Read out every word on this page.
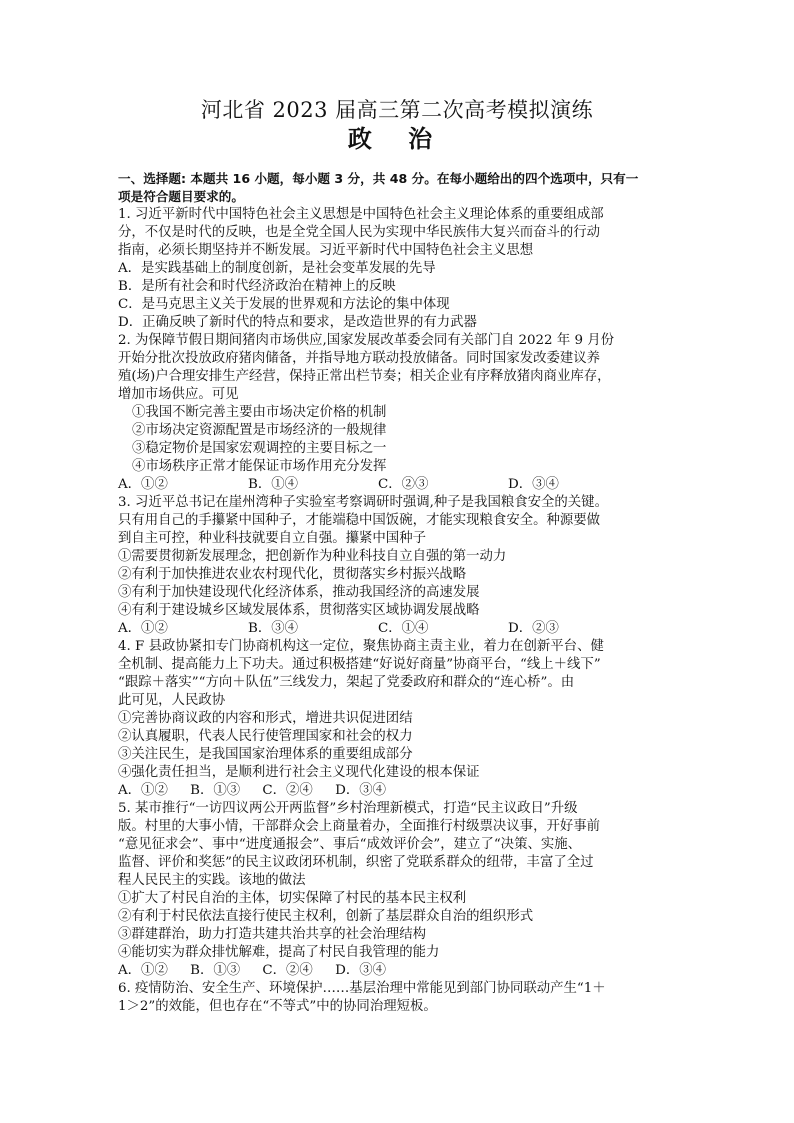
河北省 2023 届高三第二次高考模拟演练
政 治
一、选择题: 本题共 16 小题，每小题 3 分，共 48 分。在每小题给出的四个选项中，只有一
项是符合题目要求的。
1. 习近平新时代中国特色社会主义思想是中国特色社会主义理论体系的重要组成部
分，不仅是时代的反映，也是全党全国人民为实现中华民族伟大复兴而奋斗的行动
指南，必须长期坚持并不断发展。习近平新时代中国特色社会主义思想
A．是实践基础上的制度创新，是社会变革发展的先导
B．是所有社会和时代经济政治在精神上的反映
C．是马克思主义关于发展的世界观和方法论的集中体现
D．正确反映了新时代的特点和要求，是改造世界的有力武器
2. 为保障节假日期间猪肉市场供应,国家发展改革委会同有关部门自 2022 年 9 月份
开始分批次投放政府猪肉储备，并指导地方联动投放储备。同时国家发改委建议养
殖(场)户合理安排生产经营，保持正常出栏节奏；相关企业有序释放猪肉商业库存，
增加市场供应。可见
①我国不断完善主要由市场决定价格的机制
②市场决定资源配置是市场经济的一般规律
③稳定物价是国家宏观调控的主要目标之一
④市场秩序正常才能保证市场作用充分发挥
A．①②	B．①④	C．②③	D．③④
3. 习近平总书记在崖州湾种子实验室考察调研时强调,种子是我国粮食安全的关键。
只有用自己的手攥紧中国种子，才能端稳中国饭碗，才能实现粮食安全。种源要做
到自主可控，种业科技就要自立自强。攥紧中国种子
①需要贯彻新发展理念，把创新作为种业科技自立自强的第一动力
②有利于加快推进农业农村现代化，贯彻落实乡村振兴战略
③有利于加快建设现代化经济体系，推动我国经济的高速发展
④有利于建设城乡区域发展体系，贯彻落实区域协调发展战略
A．①②	B．③④	C．①④	D．②③
4. F 县政协紧扣专门协商机构这一定位，聚焦协商主责主业，着力在创新平台、健
全机制、提高能力上下功夫。通过积极搭建“好说好商量”协商平台，“线上＋线下”
“跟踪＋落实”“方向＋队伍”三线发力，架起了党委政府和群众的“连心桥”。由
此可见，人民政协
①完善协商议政的内容和形式，增进共识促进团结
②认真履职，代表人民行使管理国家和社会的权力
③关注民生，是我国国家治理体系的重要组成部分
④强化责任担当，是顺利进行社会主义现代化建设的根本保证
A．①② B．①③ C．②④ D．③④
5. 某市推行“一访四议两公开两监督”乡村治理新模式，打造“民主议政日”升级
版。村里的大事小情，干部群众会上商量着办，全面推行村级票决议事，开好事前
“意见征求会”、事中“进度通报会”、事后“成效评价会”，建立了“决策、实施、
监督、评价和奖惩”的民主议政闭环机制，织密了党联系群众的纽带，丰富了全过
程人民民主的实践。该地的做法
①扩大了村民自治的主体，切实保障了村民的基本民主权利
②有利于村民依法直接行使民主权利，创新了基层群众自治的组织形式
③群建群治，助力打造共建共治共享的社会治理结构
④能切实为群众排忧解难，提高了村民自我管理的能力
A．①② B．①③ C．②④ D．③④
6. 疫情防治、安全生产、环境保护……基层治理中常能见到部门协同联动产生“1＋
1＞2”的效能，但也存在“不等式”中的协同治理短板。
